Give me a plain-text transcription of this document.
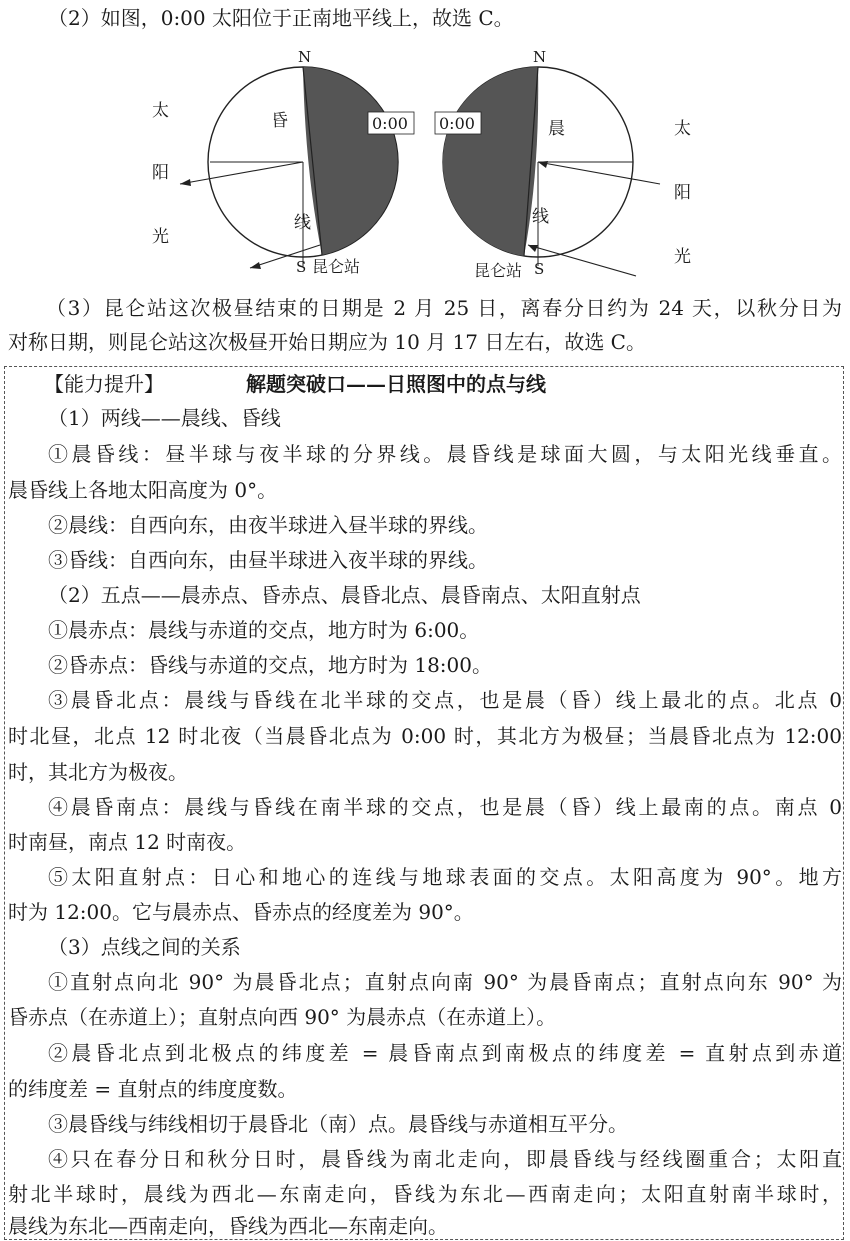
（2）如图，0:00 太阳位于正南地平线上，故选 C。
N
S 昆仑站
0:00
昏
线
太
阳
光
N
S
昆仑站
0:00	晨
线
太
阳
光
（3）昆仑站这次极昼结束的日期是 2 月 25 日，离春分日约为 24 天，以秋分日为
对称日期，则昆仑站这次极昼开始日期应为 10 月 17 日左右，故选 C。
【能力提升】	解题突破口——日照图中的点与线
（1）两线——晨线、昏线
①晨昏线：昼半球与夜半球的分界线。晨昏线是球面大圆，与太阳光线垂直。
晨昏线上各地太阳高度为 0°。
②晨线：自西向东，由夜半球进入昼半球的界线。
③昏线：自西向东，由昼半球进入夜半球的界线。
（2）五点——晨赤点、昏赤点、晨昏北点、晨昏南点、太阳直射点
①晨赤点：晨线与赤道的交点，地方时为 6:00。
②昏赤点：昏线与赤道的交点，地方时为 18:00。
③晨昏北点：晨线与昏线在北半球的交点，也是晨（昏）线上最北的点。北点 0
时北昼，北点 12 时北夜（当晨昏北点为 0:00 时，其北方为极昼；当晨昏北点为 12:00
时，其北方为极夜。
④晨昏南点：晨线与昏线在南半球的交点，也是晨（昏）线上最南的点。南点 0
时南昼，南点 12 时南夜。
⑤太阳直射点：日心和地心的连线与地球表面的交点。太阳高度为 90°。地方
时为 12:00。它与晨赤点、昏赤点的经度差为 90°。
（3）点线之间的关系
①直射点向北 90° 为晨昏北点；直射点向南 90° 为晨昏南点；直射点向东 90° 为
昏赤点（在赤道上）；直射点向西 90° 为晨赤点（在赤道上）。
②晨昏北点到北极点的纬度差 = 晨昏南点到南极点的纬度差 = 直射点到赤道
的纬度差 = 直射点的纬度度数。
③晨昏线与纬线相切于晨昏北（南）点。晨昏线与赤道相互平分。
④只在春分日和秋分日时，晨昏线为南北走向，即晨昏线与经线圈重合；太阳直
射北半球时，晨线为西北—东南走向，昏线为东北—西南走向；太阳直射南半球时，
晨线为东北—西南走向，昏线为西北—东南走向。
